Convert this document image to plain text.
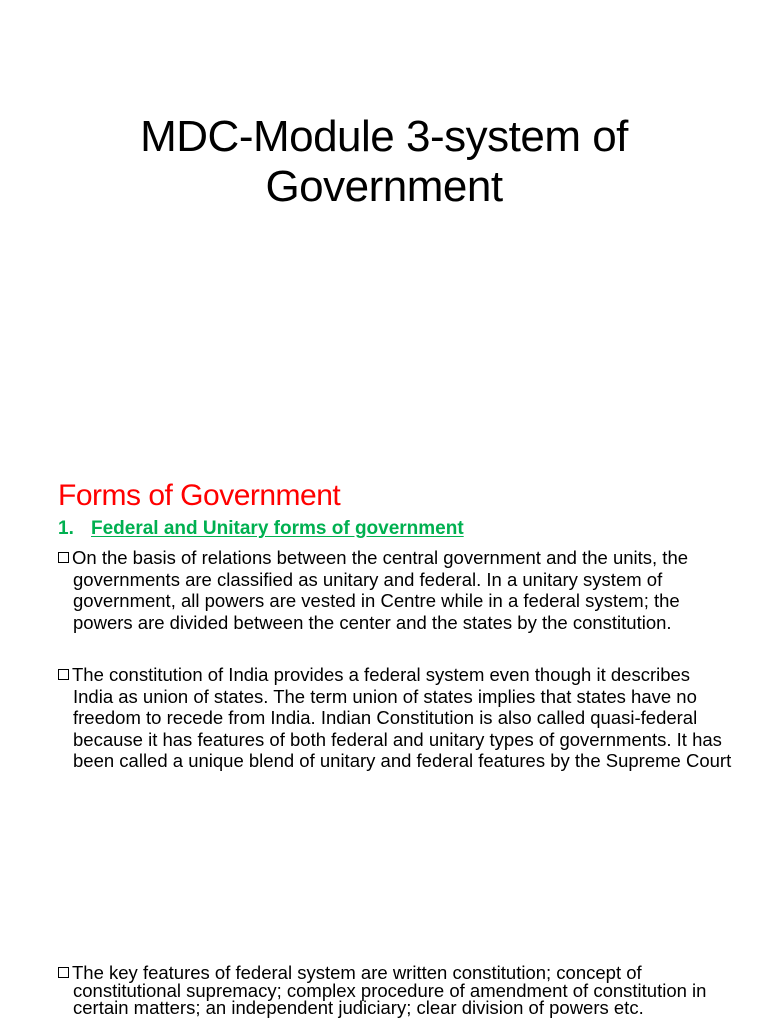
MDC-Module 3-system of Government
Forms of Government
1. Federal and Unitary forms of government
On the basis of relations between the central government and the units, the governments are classified as unitary and federal. In a unitary system of government, all powers are vested in Centre while in a federal system; the powers are divided between the center and the states by the constitution.
The constitution of India provides a federal system even though it describes India as union of states. The term union of states implies that states have no freedom to recede from India. Indian Constitution is also called quasi-federal because it has features of both federal and unitary types of governments. It has been called a unique blend of unitary and federal features by the Supreme Court
The key features of federal system are written constitution; concept of constitutional supremacy; complex procedure of amendment of constitution in certain matters; an independent judiciary; clear division of powers etc.
